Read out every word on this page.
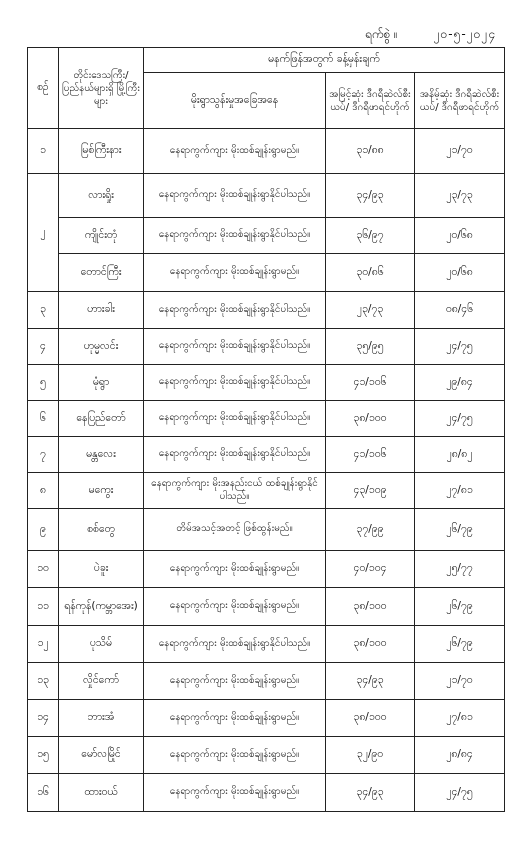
ရက်စွဲ ။	၂၀-၅-၂၀၂၄
စဉ်	တိုင်းဒေသကြီး/ ပြည်နယ်များရှိ မြို့ကြီးများ	မနက်ဖြန်အတွက် ခန့်မှန်းချက်		
		မိုးရွာသွန်းမှုအခြေအနေ	အမြင့်ဆုံး ဒီဂရီဆဲလ်စီးယပ်/ ဒီဂရီဖာရင်ဟိုက်	အနိမ့်ဆုံး ဒီဂရီဆဲလ်စီးယပ်/ ဒီဂရီဖာရင်ဟိုက်
၁	မြစ်ကြီးနား	နေရာကွက်ကျား မိုးထစ်ချုန်းရွာမည်။	၃၁/၈၈	၂၁/၇၀
၂	လားရှိုး	နေရာကွက်ကျား မိုးထစ်ချုန်းရွာနိုင်ပါသည်။	၃၄/၉၃	၂၃/၇၃
	ကျိုင်းတုံ	နေရာကွက်ကျား မိုးထစ်ချုန်းရွာနိုင်ပါသည်။	၃၆/၉၇	၂၀/၆၈
	တောင်ကြီး	နေရာကွက်ကျား မိုးထစ်ချုန်းရွာမည်။	၃၀/၈၆	၂၀/၆၈
၃	ဟားခါး	နေရာကွက်ကျား မိုးထစ်ချုန်းရွာနိုင်ပါသည်။	၂၃/၇၃	၀၈/၄၆
၄	ဟုမ္မလင်း	နေရာကွက်ကျား မိုးထစ်ချုန်းရွာနိုင်ပါသည်။	၃၅/၉၅	၂၄/၇၅
၅	မုံရွာ	နေရာကွက်ကျား မိုးထစ်ချုန်းရွာနိုင်ပါသည်။	၄၁/၁၀၆	၂၉/၈၄
၆	နေပြည်တော်	နေရာကွက်ကျား မိုးထစ်ချုန်းရွာနိုင်ပါသည်။	၃၈/၁၀၀	၂၄/၇၅
၇	မန္တလေး	နေရာကွက်ကျား မိုးထစ်ချုန်းရွာနိုင်ပါသည်။	၄၁/၁၀၆	၂၈/၈၂
၈	မကွေး	နေရာကွက်ကျား မိုးအနည်းငယ် ထစ်ချုန်းရွာနိုင်ပါသည်။	၄၃/၁၀၉	၂၇/၈၁
၉	စစ်တွေ	တိမ်အသင့်အတင့် ဖြစ်ထွန်းမည်။	၃၇/၉၉	၂၆/၇၉
၁၀	ပဲခူး	နေရာကွက်ကျား မိုးထစ်ချုန်းရွာမည်။	၄၀/၁၀၄	၂၅/၇၇
၁၁	ရန်ကုန်(ကမ္ဘာအေး)	နေရာကွက်ကျား မိုးထစ်ချုန်းရွာမည်။	၃၈/၁၀၀	၂၆/၇၉
၁၂	ပုသိမ်	နေရာကွက်ကျား မိုးထစ်ချုန်းရွာနိုင်ပါသည်။	၃၈/၁၀၀	၂၆/၇၉
၁၃	လှိုင်ကော်	နေရာကွက်ကျား မိုးထစ်ချုန်းရွာမည်။	၃၄/၉၃	၂၁/၇၀
၁၄	ဘားအံ	နေရာကွက်ကျား မိုးထစ်ချုန်းရွာမည်။	၃၈/၁၀၀	၂၇/၈၁
၁၅	မော်လမြိုင်	နေရာကွက်ကျား မိုးထစ်ချုန်းရွာမည်။	၃၂/၉၀	၂၈/၈၄
၁၆	ထားဝယ်	နေရာကွက်ကျား မိုးထစ်ချုန်းရွာမည်။	၃၄/၉၃	၂၄/၇၅
